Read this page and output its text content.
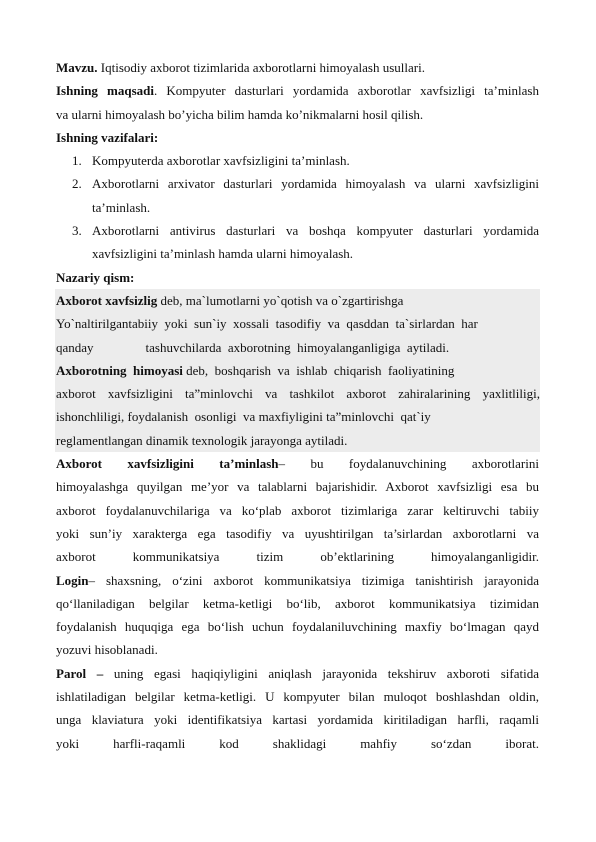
Mavzu. Iqtisodiy axborot tizimlarida axborotlarni himoyalash usullari.

Ishning maqsadi. Kompyuter dasturlari yordamida axborotlar xavfsizligi ta’minlash

va ularni himoyalash bo’yicha bilim hamda ko’nikmalarni hosil qilish.

Ishning vazifalari:

1. Kompyuterda axborotlar xavfsizligini ta’minlash.
2. Axborotlarni arxivator dasturlari yordamida himoyalash va ularni xavfsizligini
ta’minlash.
3. Axborotlarni antivirus dasturlari va boshqa kompyuter dasturlari yordamida
xavfsizligini ta’minlash hamda ularni himoyalash.

Nazariy qism:

Axborot xavfsizlig deb, ma`lumotlarni yo`qotish va o`zgartirishga

Yo`naltirilgantabiiy  yoki  sun`iy  xossali  tasodifiy  va  qasddan  ta`sirlardan  har

qanday                tashuvchilarda  axborotning  himoyalanganligiga  aytiladi.

Axborotning  himoyasi deb,  boshqarish  va  ishlab  chiqarish  faoliyatining

axborot xavfsizligini ta”minlovchi va tashkilot axborot zahiralarining yaxlitliligi,

ishonchliligi, foydalanish  osonligi  va maxfiyligini ta”minlovchi  qat`iy

reglamentlangan dinamik texnologik jarayonga aytiladi.

Axborot xavfsizligini ta’minlash– bu foydalanuvchining axborotlarini

himoyalashga quyilgan me’yor va talablarni bajarishidir. Axborot xavfsizligi esa bu

axborot foydalanuvchilariga va ko‘plab axborot tizimlariga zarar keltiruvchi tabiiy

yoki sun’iy xarakterga ega tasodifiy va uyushtirilgan ta’sirlardan axborotlarni va

axborot kommunikatsiya tizim ob’ektlarining himoyalanganligidir.

Login– shaxsning, o‘zini axborot kommunikatsiya tizimiga tanishtirish jarayonida

qo‘llaniladigan belgilar ketma-ketligi bo‘lib, axborot kommunikatsiya tizimidan

foydalanish huquqiga ega bo‘lish uchun foydalaniluvchining maxfiy bo‘lmagan qayd

yozuvi hisoblanadi.

Parol – uning egasi haqiqiyligini aniqlash jarayonida tekshiruv axboroti sifatida

ishlatiladigan belgilar ketma-ketligi. U kompyuter bilan muloqot boshlashdan oldin,

unga klaviatura yoki identifikatsiya kartasi yordamida kiritiladigan harfli, raqamli

yoki harfli-raqamli kod shaklidagi mahfiy so‘zdan iborat.
